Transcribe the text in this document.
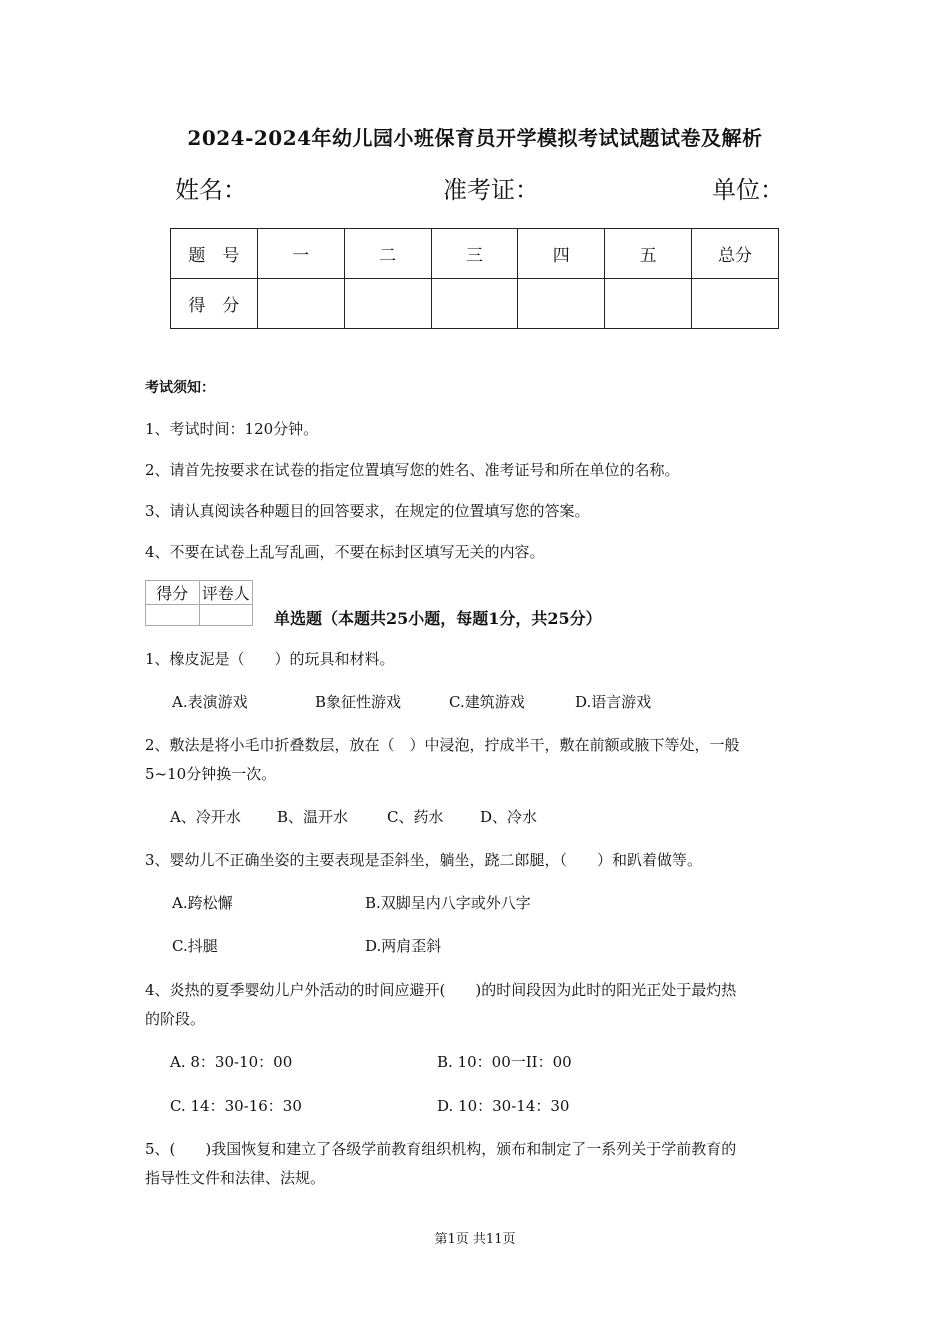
2024-2024年幼儿园小班保育员开学模拟考试试题试卷及解析
姓名：	准考证：	单位：
题　号	一	二	三	四	五	总分
得　分						
考试须知：
1、考试时间：120分钟。
2、请首先按要求在试卷的指定位置填写您的姓名、准考证号和所在单位的名称。
3、请认真阅读各种题目的回答要求，在规定的位置填写您的答案。
4、不要在试卷上乱写乱画，不要在标封区填写无关的内容。
得分	评卷人

单选题（本题共25小题，每题1分，共25分）
1、橡皮泥是（　　）的玩具和材料。
A.表演游戏	B象征性游戏	C.建筑游戏	D.语言游戏
2、敷法是将小毛巾折叠数层，放在（　）中浸泡，拧成半干，敷在前额或腋下等处，一般
5~10分钟换一次。
A、冷开水 B、温开水	C、药水 D、冷水
3、婴幼儿不正确坐姿的主要表现是歪斜坐，躺坐，跷二郎腿，（　　）和趴着做等。
A.跨松懈	B.双脚呈内八字或外八字
C.抖腿	D.两肩歪斜
4、炎热的夏季婴幼儿户外活动的时间应避开(　　)的时间段因为此时的阳光正处于最灼热
的阶段。
A. 8：30-10：00	B. 10：00一II：00
C. 14：30-16：30	D. 10：30-14：30
5、(　　)我国恢复和建立了各级学前教育组织机构，颁布和制定了一系列关于学前教育的
指导性文件和法律、法规。
第1页 共11页
